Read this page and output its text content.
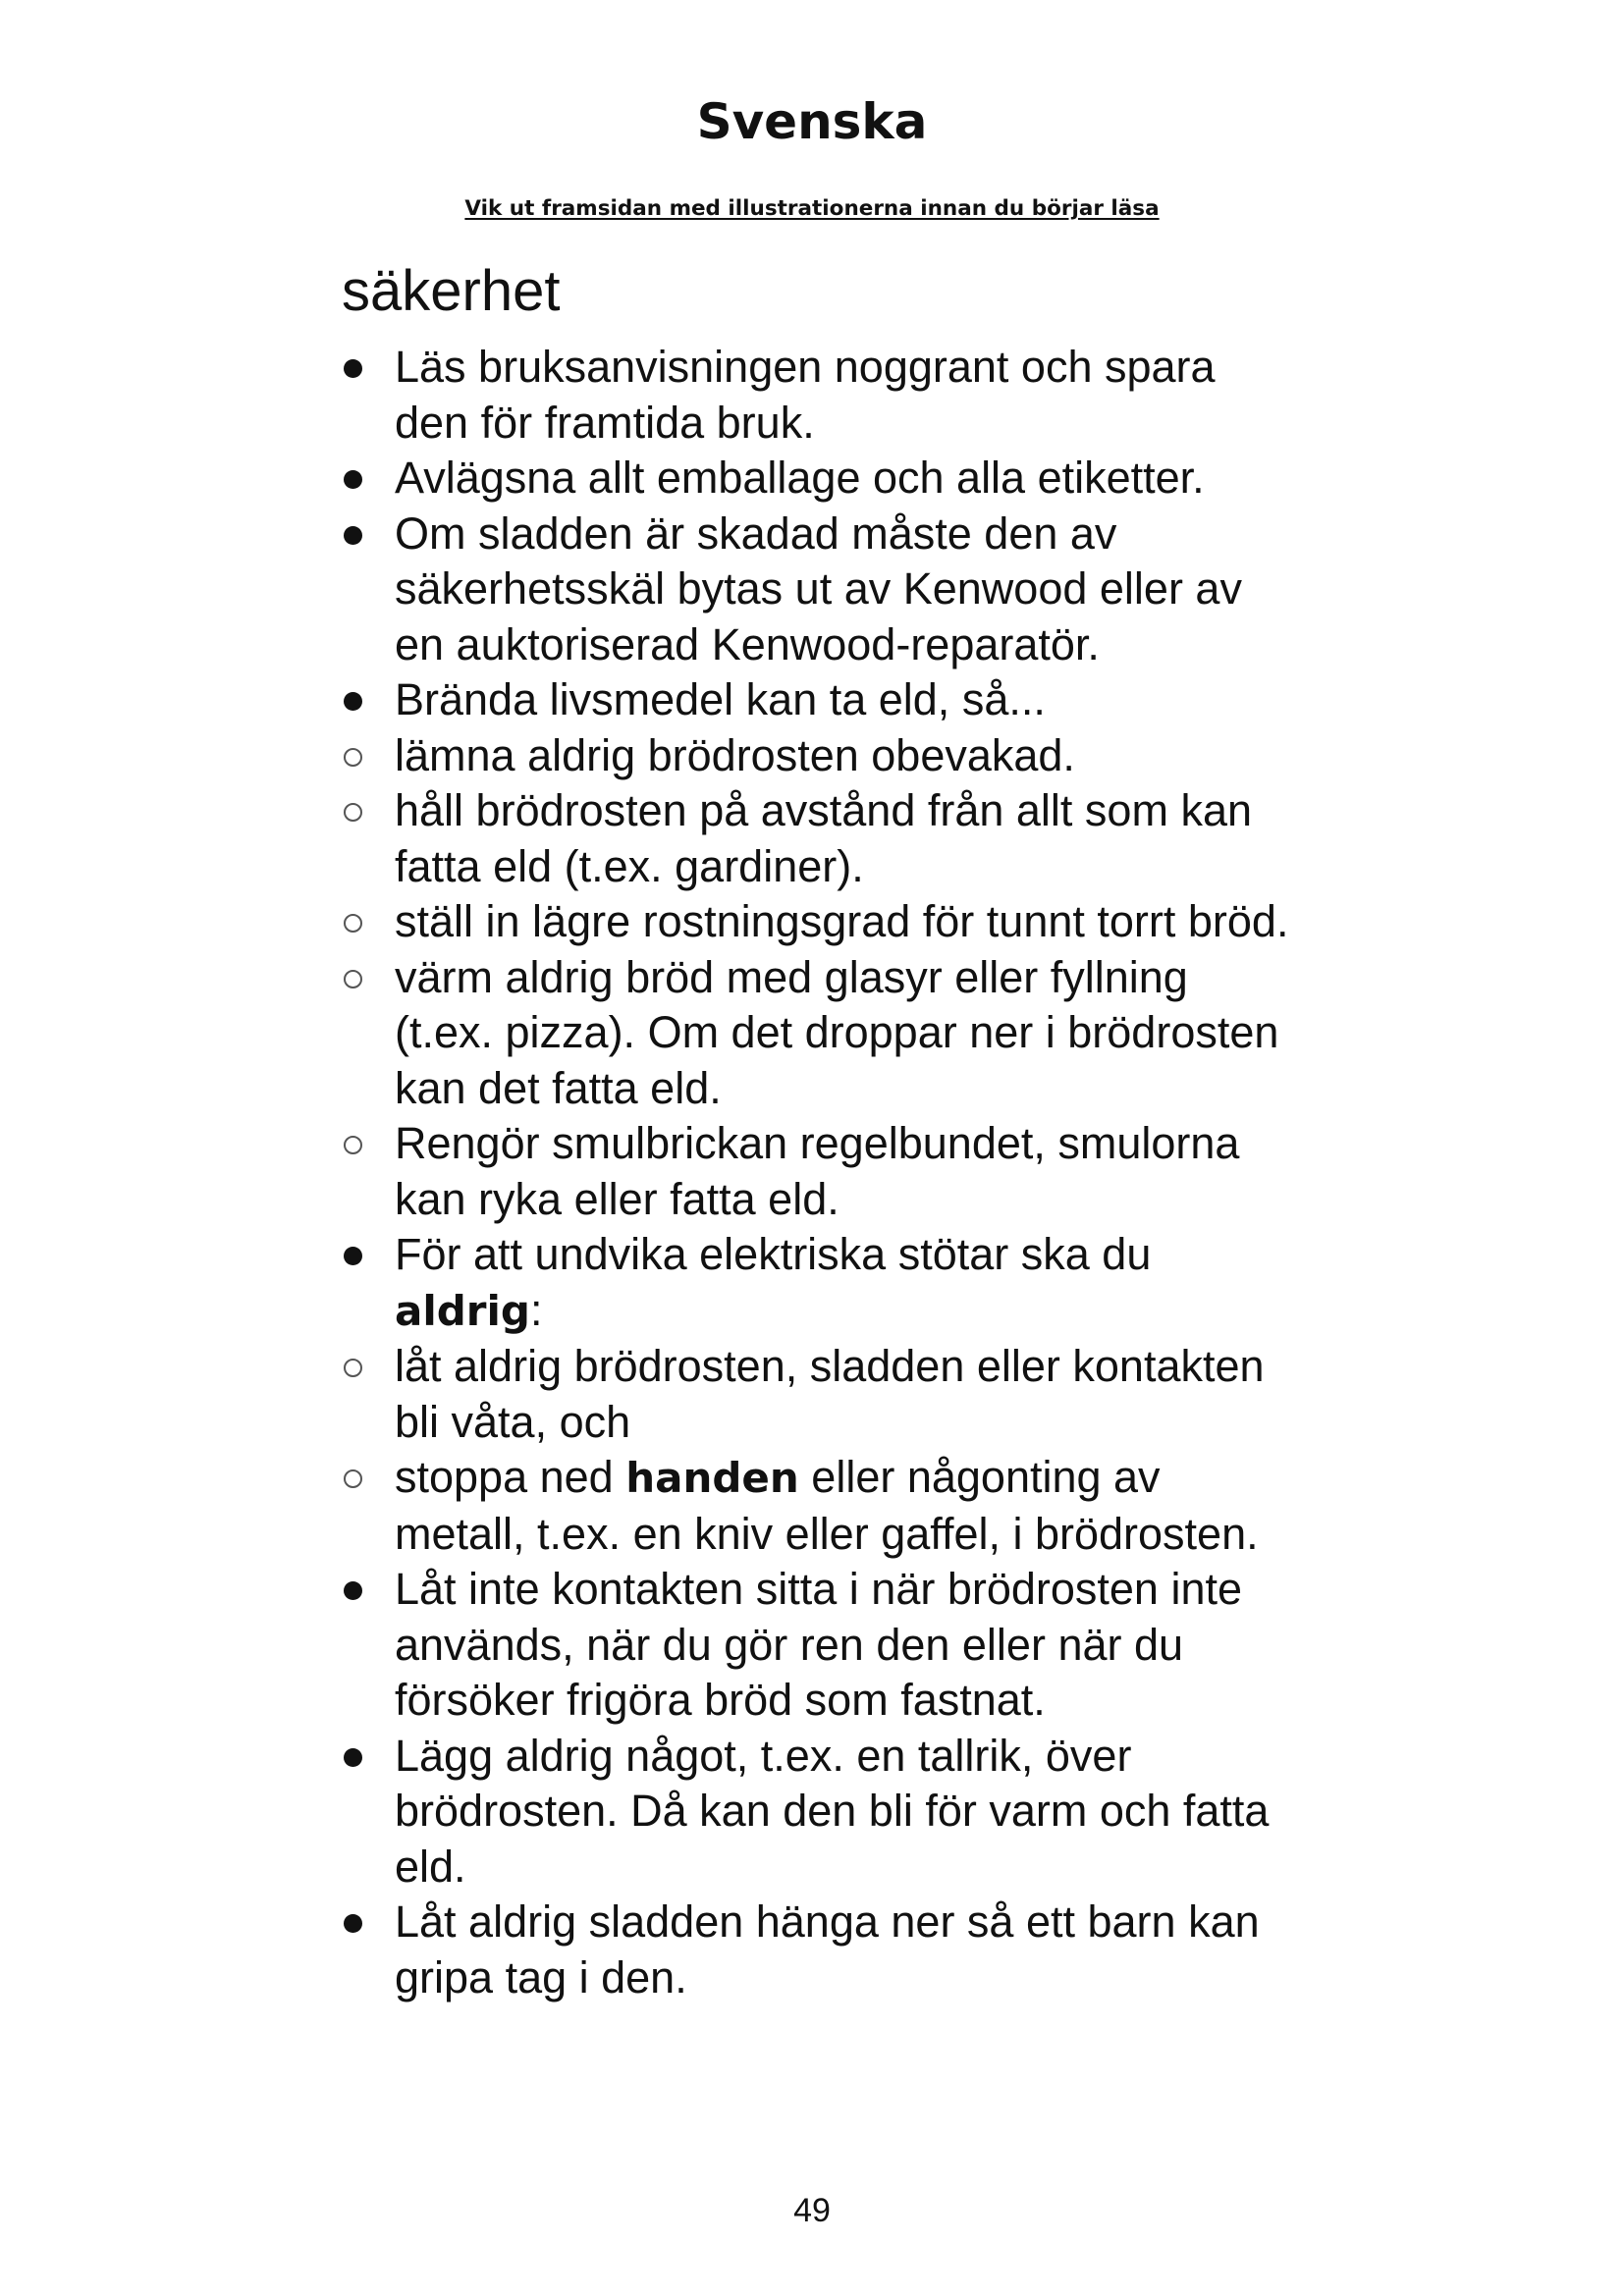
Svenska

Vik ut framsidan med illustrationerna innan du börjar läsa

säkerhet
Läs bruksanvisningen noggrant och spara den för framtida bruk.
Avlägsna allt emballage och alla etiketter.
Om sladden är skadad måste den av säkerhetsskäl bytas ut av Kenwood eller av en auktoriserad Kenwood-reparatör.
Brända livsmedel kan ta eld, så...
lämna aldrig brödrosten obevakad.
håll brödrosten på avstånd från allt som kan fatta eld (t.ex. gardiner).
ställ in lägre rostningsgrad för tunnt torrt bröd.
värm aldrig bröd med glasyr eller fyllning (t.ex. pizza). Om det droppar ner i brödrosten kan det fatta eld.
Rengör smulbrickan regelbundet, smulorna kan ryka eller fatta eld.
För att undvika elektriska stötar ska du aldrig:
låt aldrig brödrosten, sladden eller kontakten bli våta, och
stoppa ned handen eller någonting av metall, t.ex. en kniv eller gaffel, i brödrosten.
Låt inte kontakten sitta i när brödrosten inte används, när du gör ren den eller när du försöker frigöra bröd som fastnat.
Lägg aldrig något, t.ex. en tallrik, över brödrosten. Då kan den bli för varm och fatta eld.
Låt aldrig sladden hänga ner så ett barn kan gripa tag i den.
49
